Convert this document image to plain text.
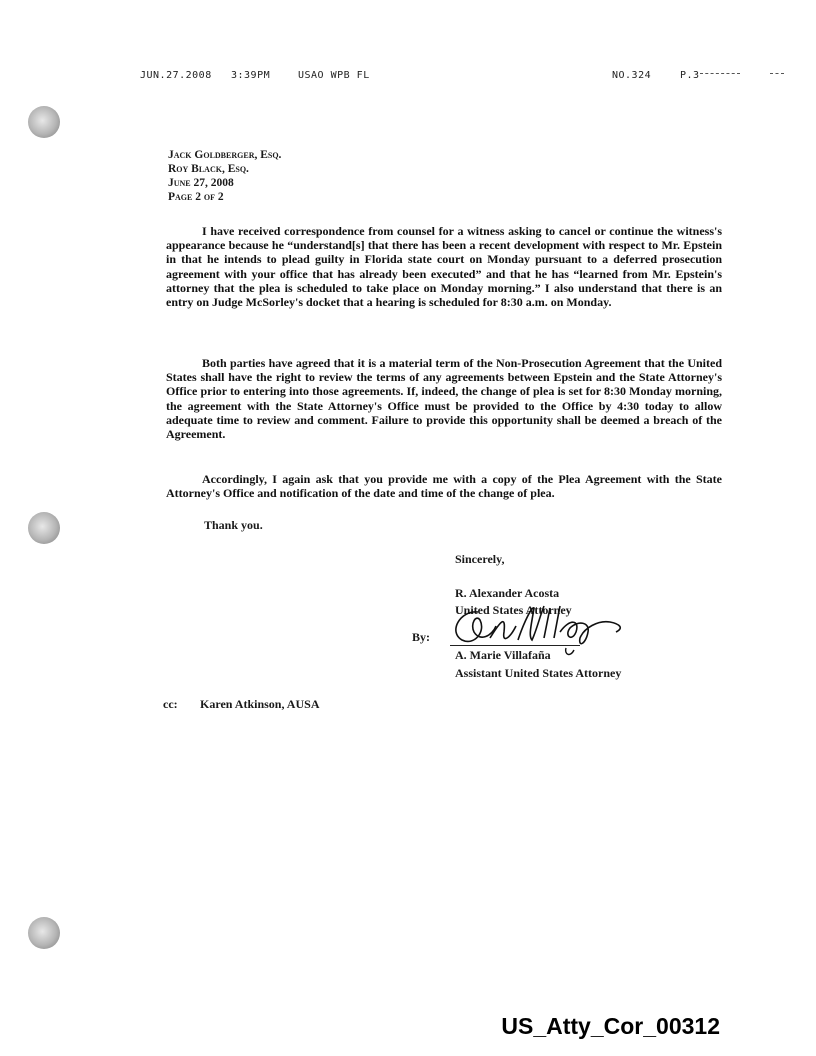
JUN.27.2008 3:39PM	USAO WPB FL	NO.324	P.3
Jack Goldberger, Esq.
Roy Black, Esq.
June 27, 2008
Page 2 of 2

I have received correspondence from counsel for a witness asking to cancel or continue the witness's appearance because he “understand[s] that there has been a recent development with respect to Mr. Epstein in that he intends to plead guilty in Florida state court on Monday pursuant to a deferred prosecution agreement with your office that has already been executed” and that he has “learned from Mr. Epstein's attorney that the plea is scheduled to take place on Monday morning.” I also understand that there is an entry on Judge McSorley's docket that a hearing is scheduled for 8:30 a.m. on Monday.

Both parties have agreed that it is a material term of the Non-Prosecution Agreement that the United States shall have the right to review the terms of any agreements between Epstein and the State Attorney's Office prior to entering into those agreements. If, indeed, the change of plea is set for 8:30 Monday morning, the agreement with the State Attorney's Office must be provided to the Office by 4:30 today to allow adequate time to review and comment. Failure to provide this opportunity shall be deemed a breach of the Agreement.

Accordingly, I again ask that you provide me with a copy of the Plea Agreement with the State Attorney's Office and notification of the date and time of the change of plea.

Thank you.
Sincerely,
R. Alexander Acosta
United States Attorney
By:
A. Marie Villafaña
Assistant United States Attorney
cc: Karen Atkinson, AUSA
US_Atty_Cor_00312
